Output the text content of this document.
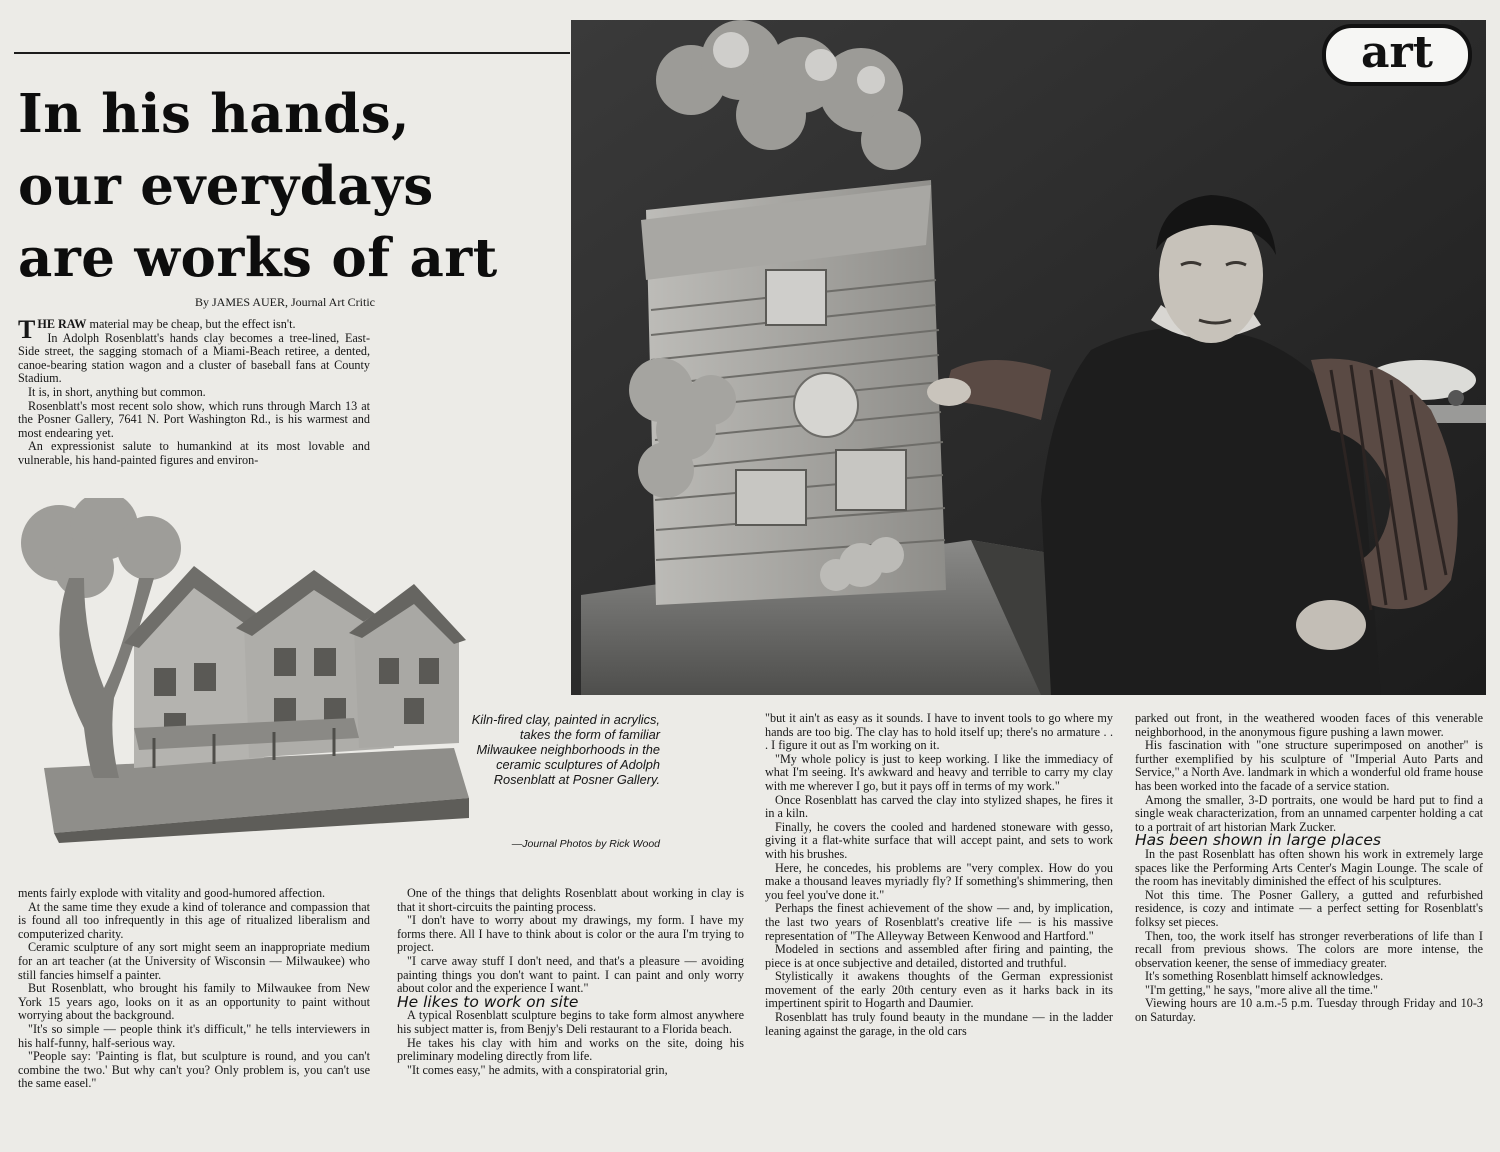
In his hands,
our everydays
are works of art
By JAMES AUER, Journal Art Critic

THE RAW material may be cheap, but the effect isn't.

In Adolph Rosenblatt's hands clay becomes a tree-lined, East-Side street, the sagging stomach of a Miami-Beach retiree, a dented, canoe-bearing station wagon and a cluster of baseball fans at County Stadium.

It is, in short, anything but common.

Rosenblatt's most recent solo show, which runs through March 13 at the Posner Gallery, 7641 N. Port Washington Rd., is his warmest and most endearing yet.

An expressionist salute to humankind at its most lovable and vulnerable, his hand-painted figures and environ-

art
Kiln-fired clay, painted in acrylics, takes the form of familiar Milwaukee neighborhoods in the ceramic sculptures of Adolph Rosenblatt at Posner Gallery.
—Journal Photos by Rick Wood

ments fairly explode with vitality and good-humored affection.

At the same time they exude a kind of tolerance and compassion that is found all too infrequently in this age of ritualized liberalism and computerized charity.

Ceramic sculpture of any sort might seem an inappropriate medium for an art teacher (at the University of Wisconsin — Milwaukee) who still fancies himself a painter.

But Rosenblatt, who brought his family to Milwaukee from New York 15 years ago, looks on it as an opportunity to paint without worrying about the background.

"It's so simple — people think it's difficult," he tells interviewers in his half-funny, half-serious way.

"People say: 'Painting is flat, but sculpture is round, and you can't combine the two.' But why can't you? Only problem is, you can't use the same easel."

One of the things that delights Rosenblatt about working in clay is that it short-circuits the painting process.

"I don't have to worry about my drawings, my form. I have my forms there. All I have to think about is color or the aura I'm trying to project.

"I carve away stuff I don't need, and that's a pleasure — avoiding painting things you don't want to paint. I can paint and only worry about color and the experience I want."

He likes to work on site

A typical Rosenblatt sculpture begins to take form almost anywhere his subject matter is, from Benjy's Deli restaurant to a Florida beach.

He takes his clay with him and works on the site, doing his preliminary modeling directly from life.

"It comes easy," he admits, with a conspiratorial grin,

"but it ain't as easy as it sounds. I have to invent tools to go where my hands are too big. The clay has to hold itself up; there's no armature . . . I figure it out as I'm working on it.

"My whole policy is just to keep working. I like the immediacy of what I'm seeing. It's awkward and heavy and terrible to carry my clay with me wherever I go, but it pays off in terms of my work."

Once Rosenblatt has carved the clay into stylized shapes, he fires it in a kiln.

Finally, he covers the cooled and hardened stoneware with gesso, giving it a flat-white surface that will accept paint, and sets to work with his brushes.

Here, he concedes, his problems are "very complex. How do you make a thousand leaves myriadly fly? If something's shimmering, then you feel you've done it."

Perhaps the finest achievement of the show — and, by implication, the last two years of Rosenblatt's creative life — is his massive representation of "The Alleyway Between Kenwood and Hartford."

Modeled in sections and assembled after firing and painting, the piece is at once subjective and detailed, distorted and truthful.

Stylistically it awakens thoughts of the German expressionist movement of the early 20th century even as it harks back in its impertinent spirit to Hogarth and Daumier.

Rosenblatt has truly found beauty in the mundane — in the ladder leaning against the garage, in the old cars

parked out front, in the weathered wooden faces of this venerable neighborhood, in the anonymous figure pushing a lawn mower.

His fascination with "one structure superimposed on another" is further exemplified by his sculpture of "Imperial Auto Parts and Service," a North Ave. landmark in which a wonderful old frame house has been worked into the facade of a service station.

Among the smaller, 3-D portraits, one would be hard put to find a single weak characterization, from an unnamed carpenter holding a cat to a portrait of art historian Mark Zucker.

Has been shown in large places

In the past Rosenblatt has often shown his work in extremely large spaces like the Performing Arts Center's Magin Lounge. The scale of the room has inevitably diminished the effect of his sculptures.

Not this time. The Posner Gallery, a gutted and refurbished residence, is cozy and intimate — a perfect setting for Rosenblatt's folksy set pieces.

Then, too, the work itself has stronger reverberations of life than I recall from previous shows. The colors are more intense, the observation keener, the sense of immediacy greater.

It's something Rosenblatt himself acknowledges.

"I'm getting," he says, "more alive all the time."

Viewing hours are 10 a.m.-5 p.m. Tuesday through Friday and 10-3 on Saturday.
